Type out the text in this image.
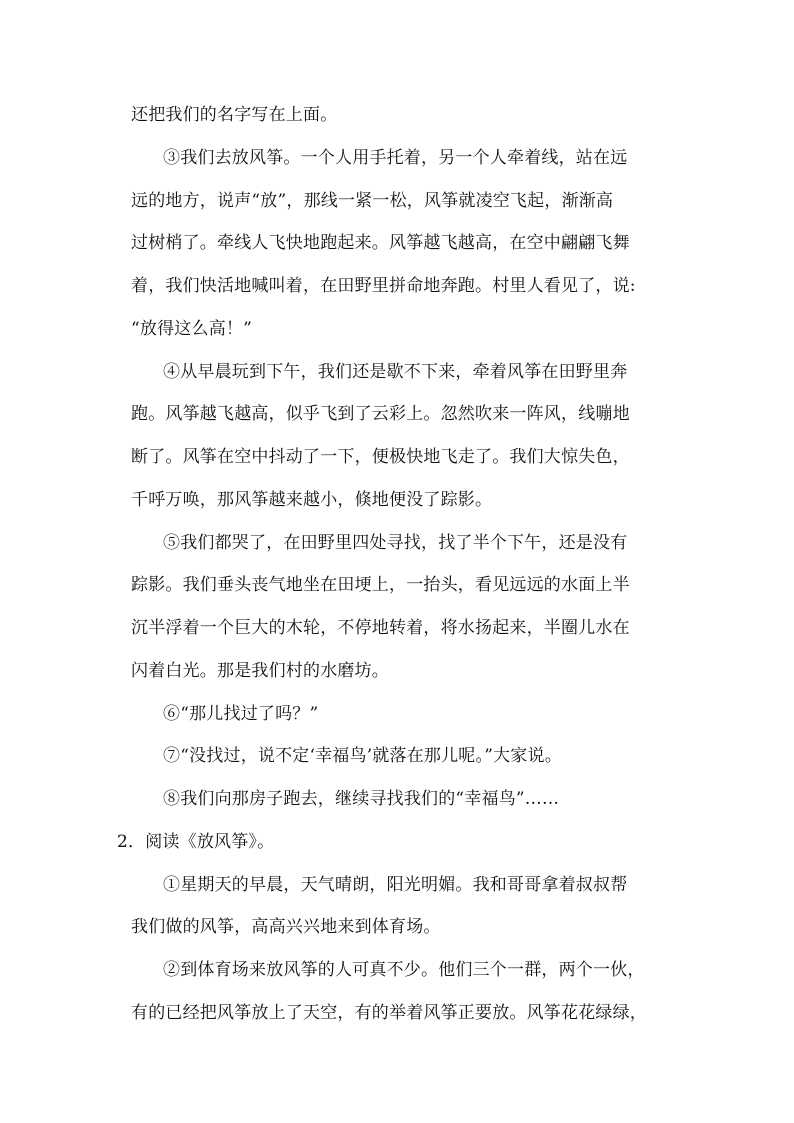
还把我们的名字写在上面。
③我们去放风筝。一个人用手托着，另一个人牵着线，站在远
远的地方，说声“放”，那线一紧一松，风筝就凌空飞起，渐渐高
过树梢了。牵线人飞快地跑起来。风筝越飞越高，在空中翩翩飞舞
着，我们快活地喊叫着，在田野里拼命地奔跑。村里人看见了，说:
“放得这么高！”
④从早晨玩到下午，我们还是歇不下来，牵着风筝在田野里奔
跑。风筝越飞越高，似乎飞到了云彩上。忽然吹来一阵风，线嘣地
断了。风筝在空中抖动了一下，便极快地飞走了。我们大惊失色，
千呼万唤，那风筝越来越小，倏地便没了踪影。
⑤我们都哭了，在田野里四处寻找，找了半个下午，还是没有
踪影。我们垂头丧气地坐在田埂上，一抬头，看见远远的水面上半
沉半浮着一个巨大的木轮，不停地转着，将水扬起来，半圈儿水在
闪着白光。那是我们村的水磨坊。
⑥“那儿找过了吗？”
⑦“没找过，说不定‘幸福鸟’就落在那儿呢。”大家说。
⑧我们向那房子跑去，继续寻找我们的“幸福鸟”……
2．阅读《放风筝》。
①星期天的早晨，天气晴朗，阳光明媚。我和哥哥拿着叔叔帮
我们做的风筝，高高兴兴地来到体育场。
②到体育场来放风筝的人可真不少。他们三个一群，两个一伙，
有的已经把风筝放上了天空，有的举着风筝正要放。风筝花花绿绿，
